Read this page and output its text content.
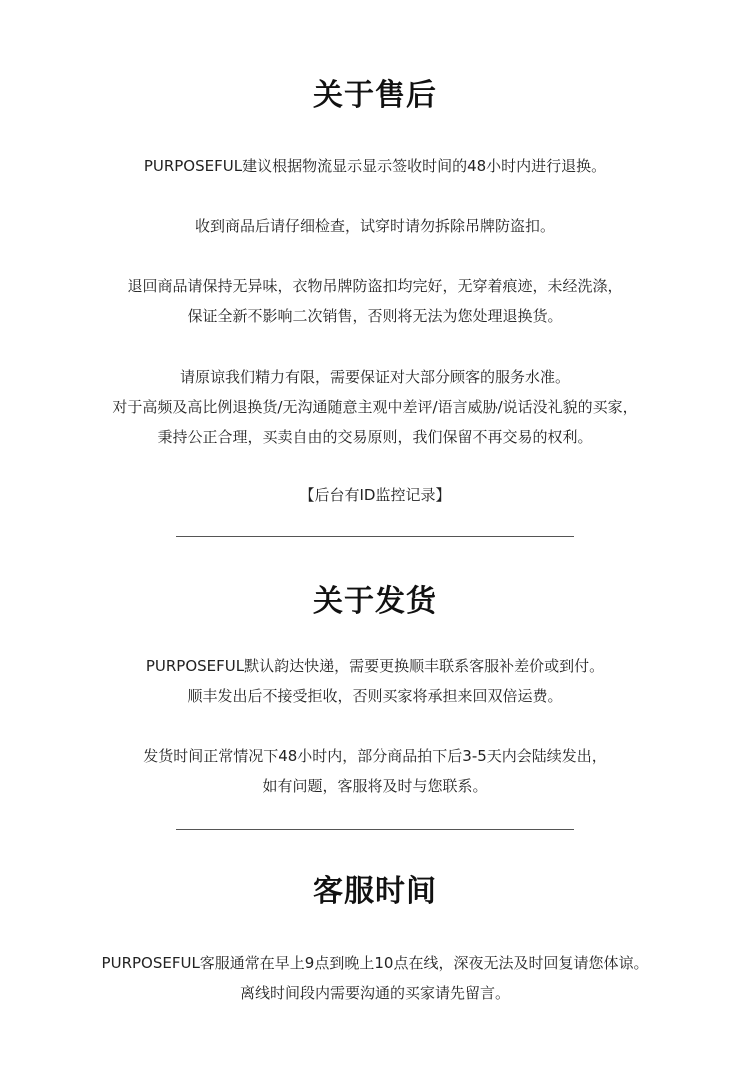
关于售后
PURPOSEFUL建议根据物流显示显示签收时间的48小时内进行退换。
收到商品后请仔细检查，试穿时请勿拆除吊牌防盗扣。
退回商品请保持无异味，衣物吊牌防盗扣均完好，无穿着痕迹，未经洗涤，
保证全新不影响二次销售，否则将无法为您处理退换货。
请原谅我们精力有限，需要保证对大部分顾客的服务水准。
对于高频及高比例退换货/无沟通随意主观中差评/语言威胁/说话没礼貌的买家，
秉持公正合理，买卖自由的交易原则，我们保留不再交易的权利。
【后台有ID监控记录】
关于发货
PURPOSEFUL默认韵达快递，需要更换顺丰联系客服补差价或到付。
顺丰发出后不接受拒收，否则买家将承担来回双倍运费。
发货时间正常情况下48小时内，部分商品拍下后3-5天内会陆续发出，
如有问题，客服将及时与您联系。
客服时间
PURPOSEFUL客服通常在早上9点到晚上10点在线，深夜无法及时回复请您体谅。
离线时间段内需要沟通的买家请先留言。
